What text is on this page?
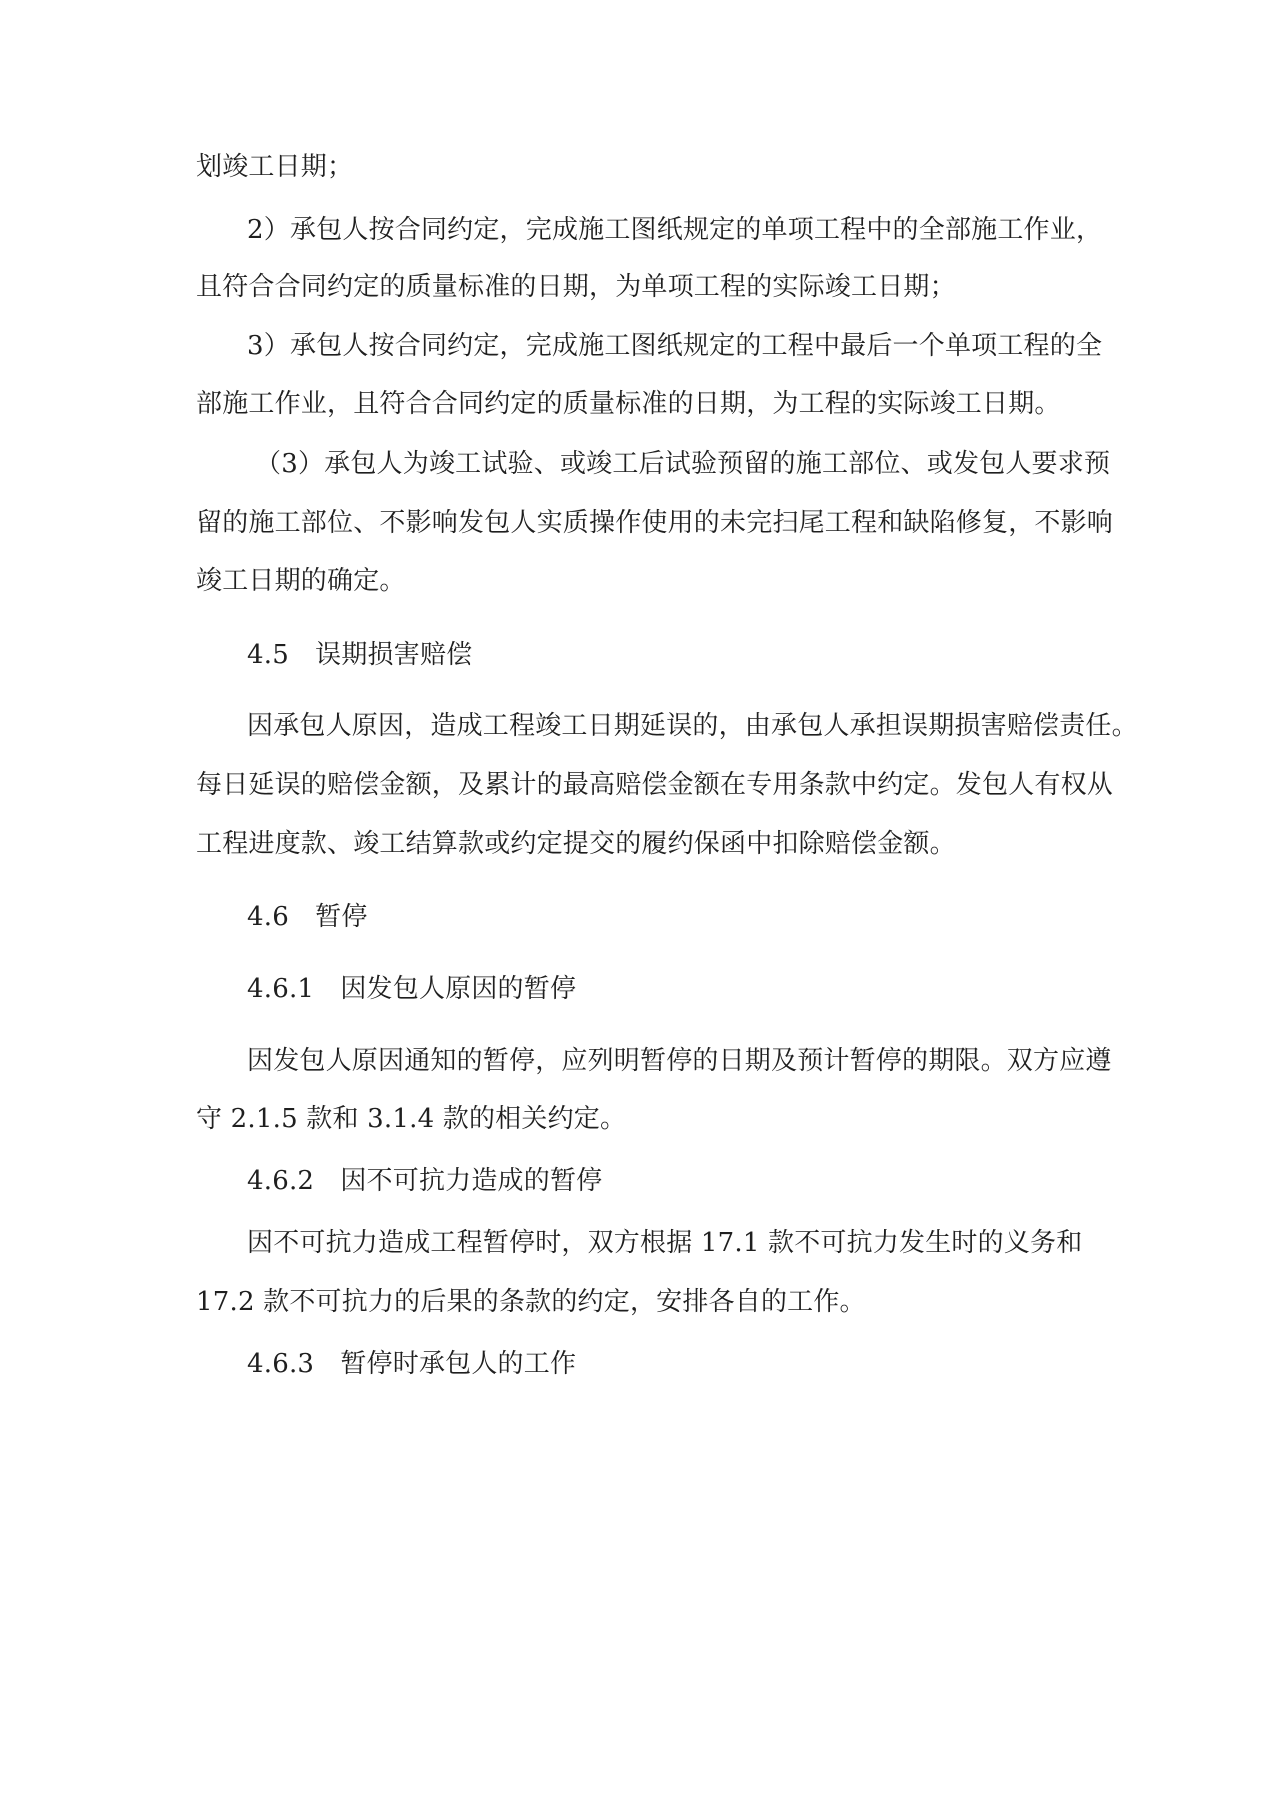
划竣工日期；
2）承包人按合同约定，完成施工图纸规定的单项工程中的全部施工作业，
且符合合同约定的质量标准的日期，为单项工程的实际竣工日期；
3）承包人按合同约定，完成施工图纸规定的工程中最后一个单项工程的全
部施工作业，且符合合同约定的质量标准的日期，为工程的实际竣工日期。
（3）承包人为竣工试验、或竣工后试验预留的施工部位、或发包人要求预
留的施工部位、不影响发包人实质操作使用的未完扫尾工程和缺陷修复，不影响
竣工日期的确定。
4.5　误期损害赔偿
因承包人原因，造成工程竣工日期延误的，由承包人承担误期损害赔偿责任。
每日延误的赔偿金额，及累计的最高赔偿金额在专用条款中约定。发包人有权从
工程进度款、竣工结算款或约定提交的履约保函中扣除赔偿金额。
4.6　暂停
4.6.1　因发包人原因的暂停
因发包人原因通知的暂停，应列明暂停的日期及预计暂停的期限。双方应遵
守 2.1.5 款和 3.1.4 款的相关约定。
4.6.2　因不可抗力造成的暂停
因不可抗力造成工程暂停时，双方根据 17.1 款不可抗力发生时的义务和
17.2 款不可抗力的后果的条款的约定，安排各自的工作。
4.6.3　暂停时承包人的工作
